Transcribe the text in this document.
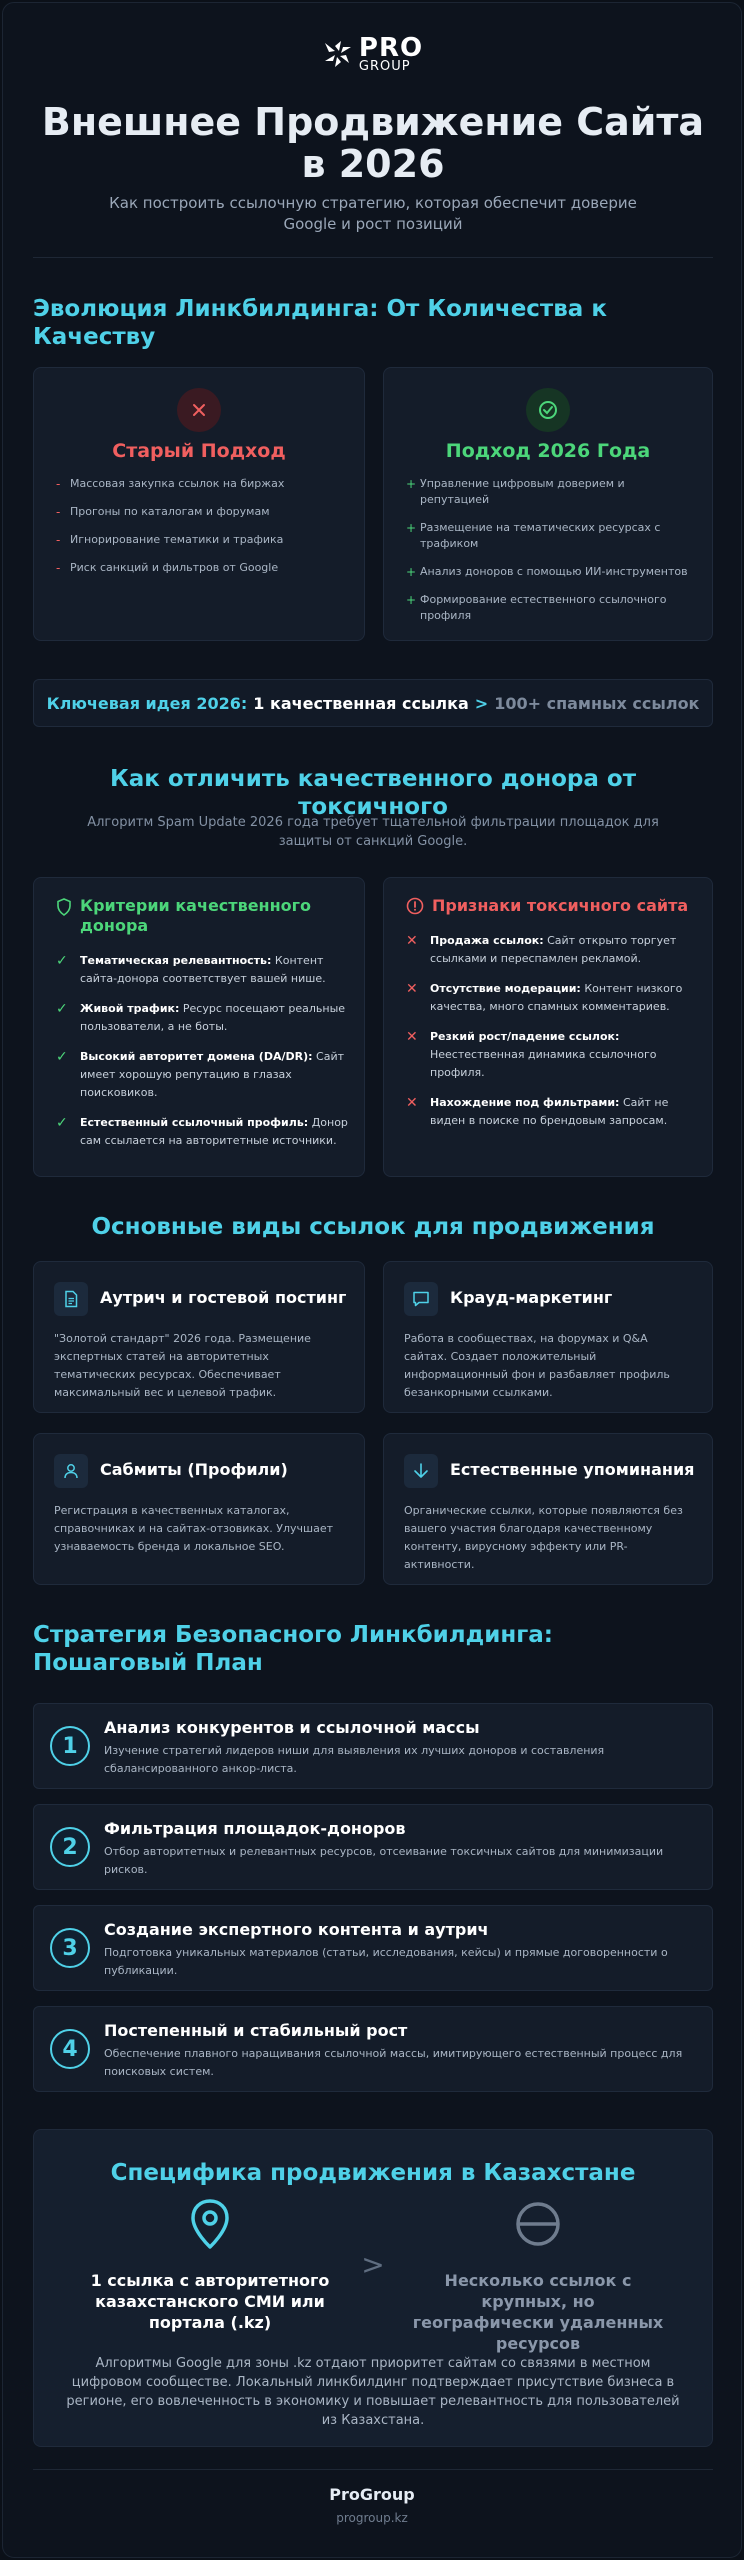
PRO
GROUP
Внешнее Продвижение Сайта в 2026

Как построить ссылочную стратегию, которая обеспечит доверие Google и рост позиций

Эволюция Линкбилдинга: От Количества к Качеству
Старый Подход
- Массовая закупка ссылок на биржах
- Прогоны по каталогам и форумам
- Игнорирование тематики и трафика
- Риск санкций и фильтров от Google
Подход 2026 Года
+ Управление цифровым доверием и репутацией
+ Размещение на тематических ресурсах с трафиком
+ Анализ доноров с помощью ИИ-инструментов
+ Формирование естественного ссылочного профиля
Ключевая идея 2026: 1 качественная ссылка > 100+ спамных ссылок
Как отличить качественного донора от токсичного

Алгоритм Spam Update 2026 года требует тщательной фильтрации площадок для защиты от санкций Google.

Критерии качественного донора
✓ Тематическая релевантность: Контент сайта-донора соответствует вашей нише.
✓ Живой трафик: Ресурс посещают реальные пользователи, а не боты.
✓ Высокий авторитет домена (DA/DR): Сайт имеет хорошую репутацию в глазах поисковиков.
✓ Естественный ссылочный профиль: Донор сам ссылается на авторитетные источники.
Признаки токсичного сайта
✕ Продажа ссылок: Сайт открыто торгует ссылками и переспамлен рекламой.
✕ Отсутствие модерации: Контент низкого качества, много спамных комментариев.
✕ Резкий рост/падение ссылок: Неестественная динамика ссылочного профиля.
✕ Нахождение под фильтрами: Сайт не виден в поиске по брендовым запросам.
Основные виды ссылок для продвижения
Аутрич и гостевой постинг
"Золотой стандарт" 2026 года. Размещение экспертных статей на авторитетных тематических ресурсах. Обеспечивает максимальный вес и целевой трафик.
Крауд-маркетинг
Работа в сообществах, на форумах и Q&A сайтах. Создает положительный информационный фон и разбавляет профиль безанкорными ссылками.
Сабмиты (Профили)
Регистрация в качественных каталогах, справочниках и на сайтах-отзовиках. Улучшает узнаваемость бренда и локальное SEO.
Естественные упоминания
Органические ссылки, которые появляются без вашего участия благодаря качественному контенту, вирусному эффекту или PR-активности.
Стратегия Безопасного Линкбилдинга: Пошаговый План
1
Анализ конкурентов и ссылочной массы
Изучение стратегий лидеров ниши для выявления их лучших доноров и составления сбалансированного анкор-листа.
2
Фильтрация площадок-доноров
Отбор авторитетных и релевантных ресурсов, отсеивание токсичных сайтов для минимизации рисков.
3
Создание экспертного контента и аутрич
Подготовка уникальных материалов (статьи, исследования, кейсы) и прямые договоренности о публикации.
4
Постепенный и стабильный рост
Обеспечение плавного наращивания ссылочной массы, имитирующего естественный процесс для поисковых систем.
Специфика продвижения в Казахстане
1 ссылка с авторитетного казахстанского СМИ или портала (.kz)
>	Несколько ссылок с крупных, но географически удаленных ресурсов
Алгоритмы Google для зоны .kz отдают приоритет сайтам со связями в местном цифровом сообществе. Локальный линкбилдинг подтверждает присутствие бизнеса в регионе, его вовлеченность в экономику и повышает релевантность для пользователей из Казахстана.
ProGroup
progroup.kz
